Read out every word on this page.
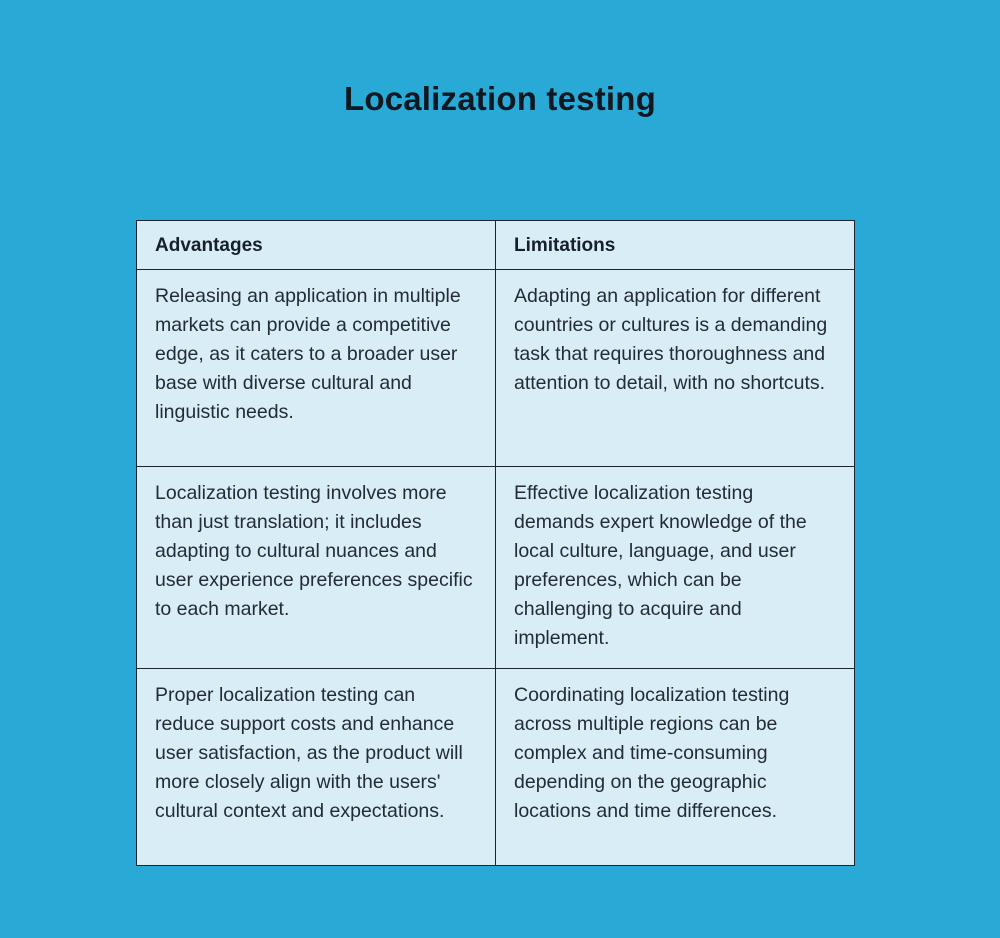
Localization testing
Advantages	Limitations
Releasing an application in multiple markets can provide a competitive edge, as it caters to a broader user base with diverse cultural and linguistic needs.	Adapting an application for different countries or cultures is a demanding task that requires thoroughness and attention to detail, with no shortcuts.
Localization testing involves more than just translation; it includes adapting to cultural nuances and user experience preferences specific to each market.	Effective localization testing demands expert knowledge of the local culture, language, and user preferences, which can be challenging to acquire and implement.
Proper localization testing can reduce support costs and enhance user satisfaction, as the product will more closely align with the users' cultural context and expectations.	Coordinating localization testing across multiple regions can be complex and time-consuming depending on the geographic locations and time differences.
